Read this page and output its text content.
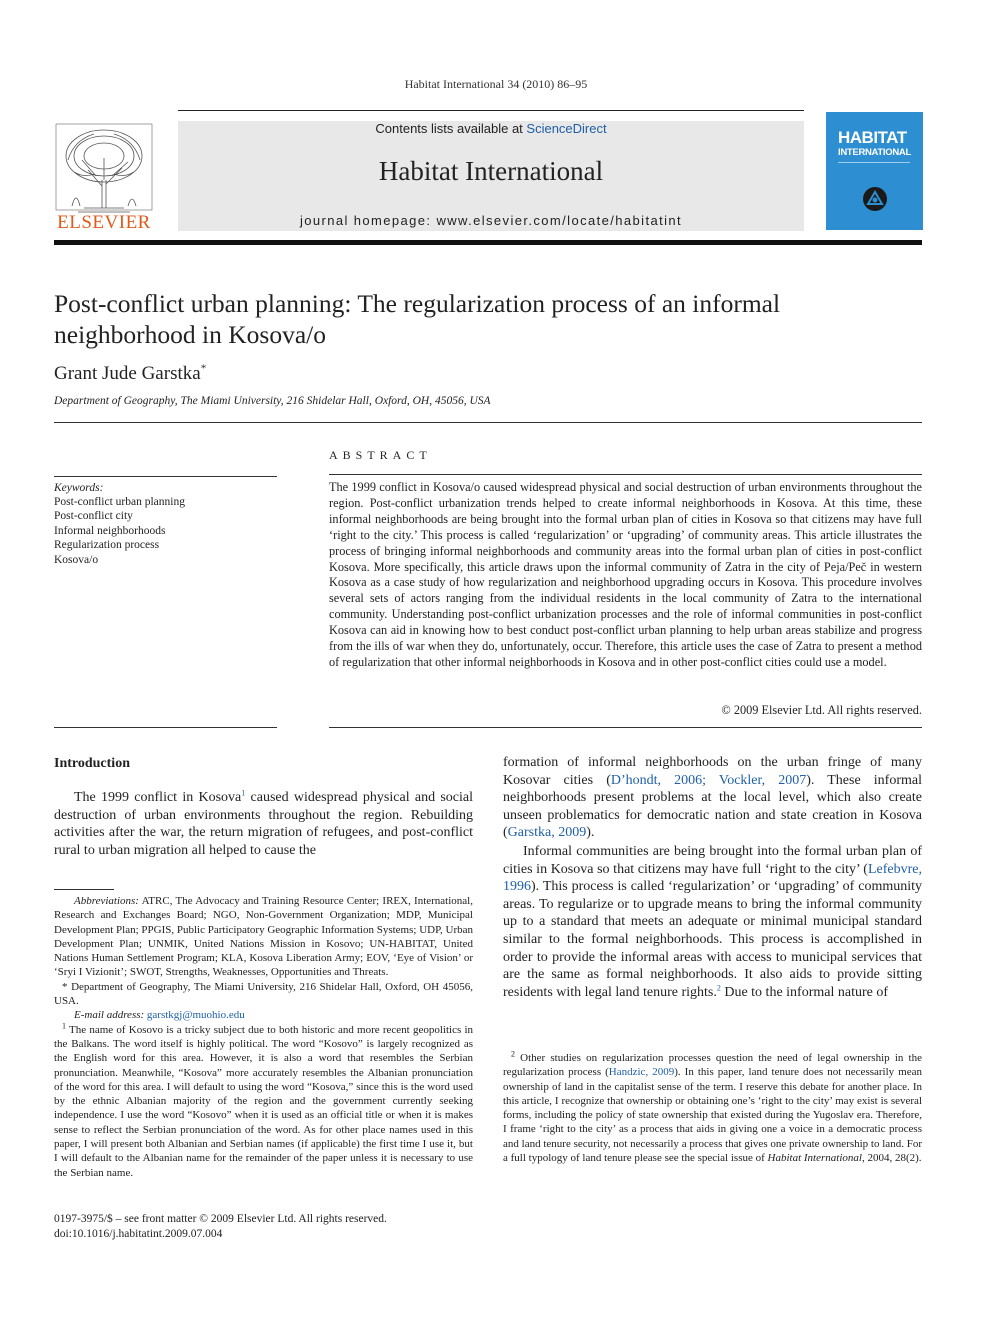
Habitat International 34 (2010) 86–95
ELSEVIER
Contents lists available at ScienceDirect
Habitat International
journal homepage: www.elsevier.com/locate/habitatint
HABITAT
INTERNATIONAL
Post-conflict urban planning: The regularization process of an informal neighborhood in Kosova/o
Grant Jude Garstka*
Department of Geography, The Miami University, 216 Shidelar Hall, Oxford, OH, 45056, USA
ABSTRACT
Keywords:
Post-conflict urban planning
Post-conflict city
Informal neighborhoods
Regularization process
Kosova/o

The 1999 conflict in Kosova/o caused widespread physical and social destruction of urban environments throughout the region. Post-conflict urbanization trends helped to create informal neighborhoods in Kosova. At this time, these informal neighborhoods are being brought into the formal urban plan of cities in Kosova so that citizens may have full ‘right to the city.’ This process is called ‘regularization’ or ‘upgrading’ of community areas. This article illustrates the process of bringing informal neighborhoods and community areas into the formal urban plan of cities in post-conflict Kosova. More specifically, this article draws upon the informal community of Zatra in the city of Peja/Peč in western Kosova as a case study of how regularization and neighborhood upgrading occurs in Kosova. This procedure involves several sets of actors ranging from the individual residents in the local community of Zatra to the international community. Understanding post-conflict urbanization processes and the role of informal communities in post-conflict Kosova can aid in knowing how to best conduct post-conflict urban planning to help urban areas stabilize and progress from the ills of war when they do, unfortunately, occur. Therefore, this article uses the case of Zatra to present a method of regularization that other informal neighborhoods in Kosova and in other post-conflict cities could use a model.

© 2009 Elsevier Ltd. All rights reserved.
Introduction

The 1999 conflict in Kosova$^1$ caused widespread physical and social destruction of urban environments throughout the region. Rebuilding activities after the war, the return migration of refugees, and post-conflict rural to urban migration all helped to cause the

formation of informal neighborhoods on the urban fringe of many Kosovar cities (D’hondt, 2006; Vockler, 2007). These informal neighborhoods present problems at the local level, which also create unseen problematics for democratic nation and state creation in Kosova (Garstka, 2009).

Informal communities are being brought into the formal urban plan of cities in Kosova so that citizens may have full ‘right to the city’ (Lefebvre, 1996). This process is called ‘regularization’ or ‘upgrading’ of community areas. To regularize or to upgrade means to bring the informal community up to a standard that meets an adequate or minimal municipal standard similar to the formal neighborhoods. This process is accomplished in order to provide the informal areas with access to municipal services that are the same as formal neighborhoods. It also aids to provide sitting residents with legal land tenure rights.$^2$ Due to the informal nature of

Abbreviations: ATRC, The Advocacy and Training Resource Center; IREX, International, Research and Exchanges Board; NGO, Non-Government Organization; MDP, Municipal Development Plan; PPGIS, Public Participatory Geographic Information Systems; UDP, Urban Development Plan; UNMIK, United Nations Mission in Kosovo; UN-HABITAT, United Nations Human Settlement Program; KLA, Kosova Liberation Army; EOV, ‘Eye of Vision’ or ‘Sryi I Vizionit’; SWOT, Strengths, Weaknesses, Opportunities and Threats.

* Department of Geography, The Miami University, 216 Shidelar Hall, Oxford, OH 45056, USA.

E-mail address: garstkgj@muohio.edu

$^1$ The name of Kosovo is a tricky subject due to both historic and more recent geopolitics in the Balkans. The word itself is highly political. The word “Kosovo” is largely recognized as the English word for this area. However, it is also a word that resembles the Serbian pronunciation. Meanwhile, “Kosova” more accurately resembles the Albanian pronunciation of the word for this area. I will default to using the word “Kosova,” since this is the word used by the ethnic Albanian majority of the region and the government currently seeking independence. I use the word “Kosovo” when it is used as an official title or when it is makes sense to reflect the Serbian pronunciation of the word. As for other place names used in this paper, I will present both Albanian and Serbian names (if applicable) the first time I use it, but I will default to the Albanian name for the remainder of the paper unless it is necessary to use the Serbian name.

$^2$ Other studies on regularization processes question the need of legal ownership in the regularization process (Handzic, 2009). In this paper, land tenure does not necessarily mean ownership of land in the capitalist sense of the term. I reserve this debate for another place. In this article, I recognize that ownership or obtaining one’s ‘right to the city’ may exist is several forms, including the policy of state ownership that existed during the Yugoslav era. Therefore, I frame ‘right to the city’ as a process that aids in giving one a voice in a democratic process and land tenure security, not necessarily a process that gives one private ownership to land. For a full typology of land tenure please see the special issue of Habitat International, 2004, 28(2).

0197-3975/$ – see front matter © 2009 Elsevier Ltd. All rights reserved.
doi:10.1016/j.habitatint.2009.07.004
